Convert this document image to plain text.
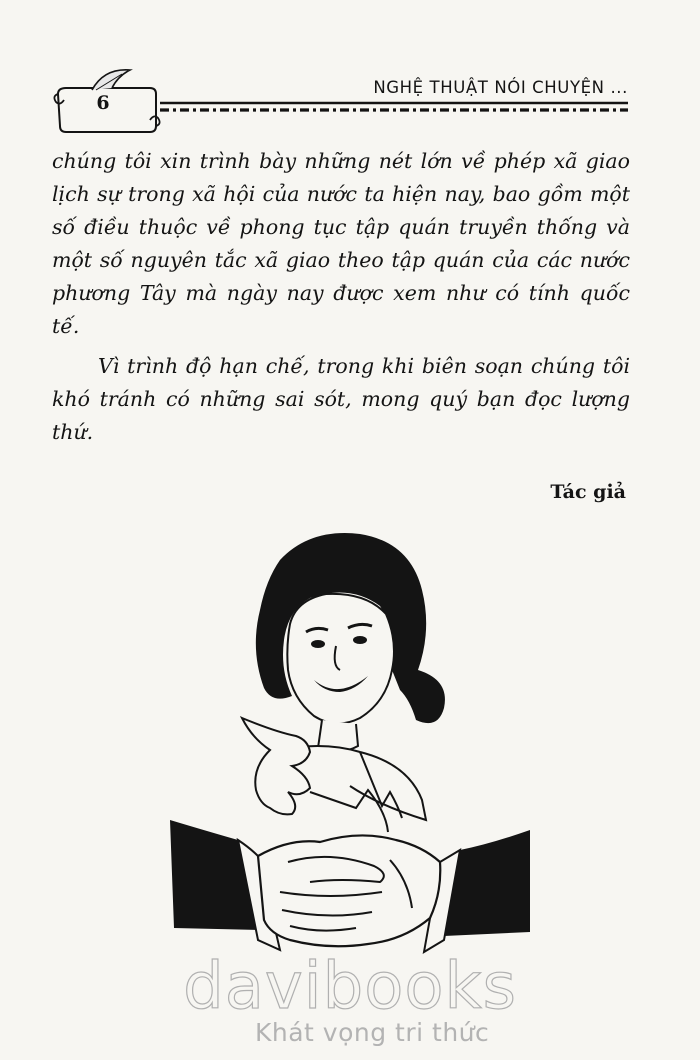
6
NGHỆ THUẬT NÓI CHUYỆN ...

chúng tôi xin trình bày những nét lớn về phép xã giao lịch sự trong xã hội của nước ta hiện nay, bao gồm một số điều thuộc về phong tục tập quán truyền thống và một số nguyên tắc xã giao theo tập quán của các nước phương Tây mà ngày nay được xem như có tính quốc tế.

Vì trình độ hạn chế, trong khi biên soạn chúng tôi khó tránh có những sai sót, mong quý bạn đọc lượng thứ.

Tác giả
davibooks
Khát vọng tri thức
